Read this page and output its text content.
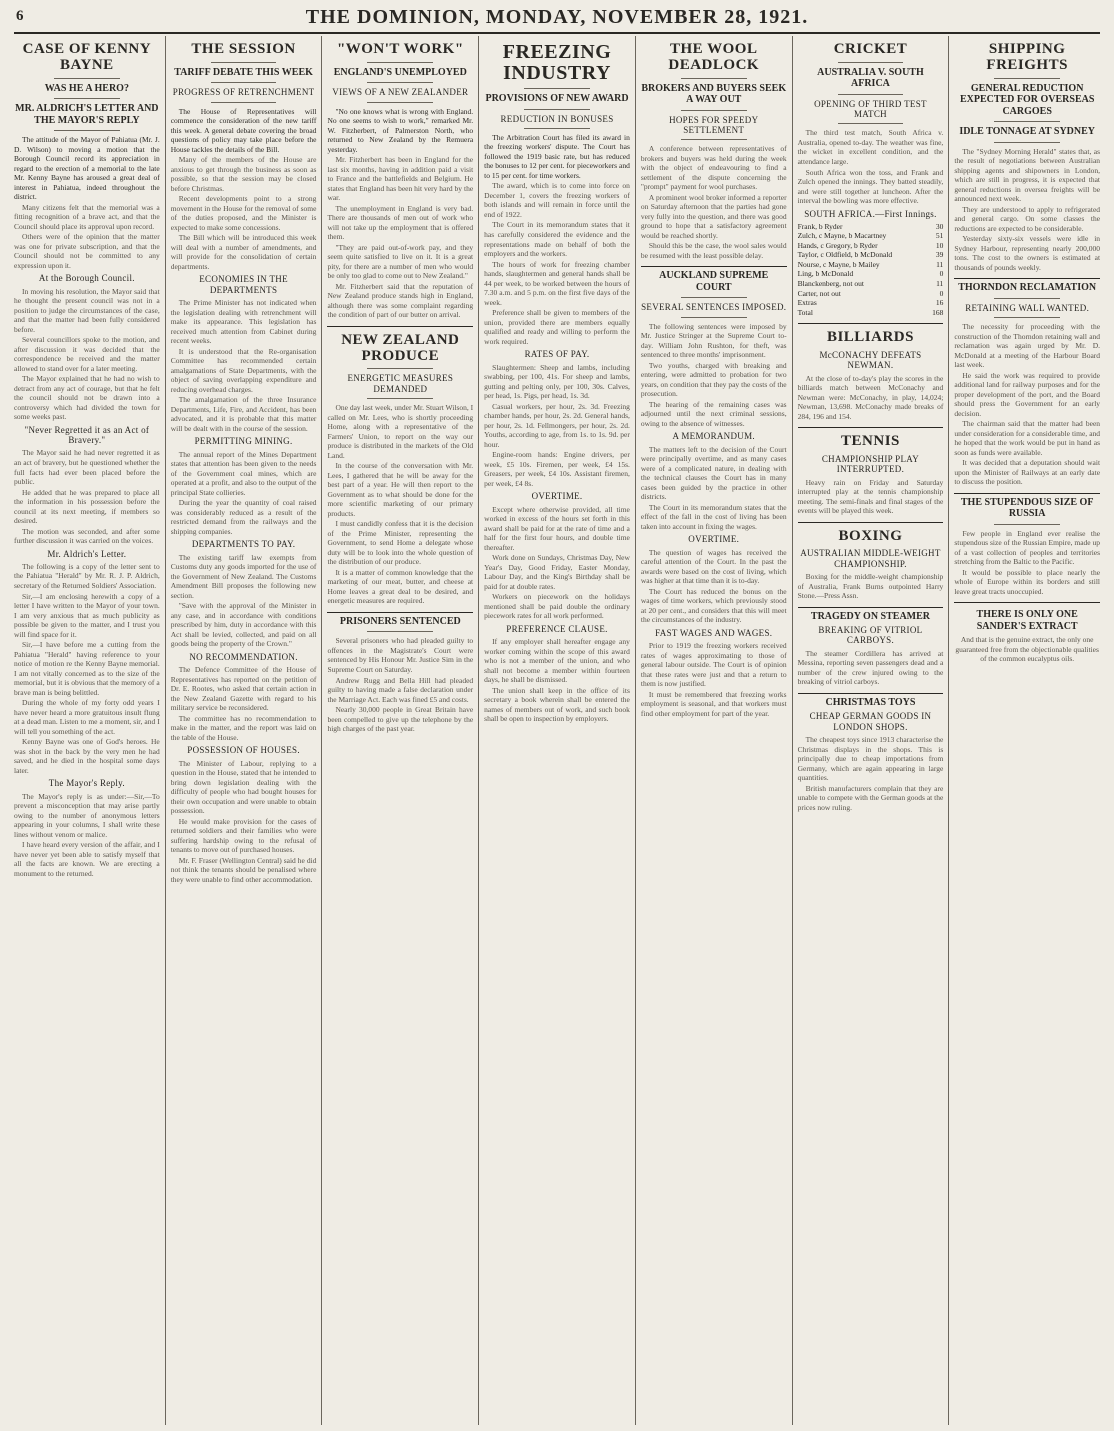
6	THE DOMINION, MONDAY, NOVEMBER 28, 1921.
CASE OF KENNY BAYNE
WAS HE A HERO?
MR. ALDRICH'S LETTER AND THE MAYOR'S REPLY

The attitude of the Mayor of Pahiatua (Mr. J. D. Wilson) to moving a motion that the Borough Council record its appreciation in regard to the erection of a memorial to the late Mr. Kenny Bayne has aroused a great deal of interest in Pahiatua, indeed throughout the district.

Many citizens felt that the memorial was a fitting recognition of a brave act, and that the Council should place its approval upon record.

Others were of the opinion that the matter was one for private subscription, and that the Council should not be committed to any expression upon it.

At the Borough Council.

In moving his resolution, the Mayor said that he thought the present council was not in a position to judge the circumstances of the case, and that the matter had been fully considered before.

Several councillors spoke to the motion, and after discussion it was decided that the correspondence be received and the matter allowed to stand over for a later meeting.

The Mayor explained that he had no wish to detract from any act of courage, but that he felt the council should not be drawn into a controversy which had divided the town for some weeks past.

"Never Regretted it as an Act of Bravery."

The Mayor said he had never regretted it as an act of bravery, but he questioned whether the full facts had ever been placed before the public.

He added that he was prepared to place all the information in his possession before the council at its next meeting, if members so desired.

The motion was seconded, and after some further discussion it was carried on the voices.

Mr. Aldrich's Letter.

The following is a copy of the letter sent to the Pahiatua "Herald" by Mr. R. J. P. Aldrich, secretary of the Returned Soldiers' Association.

Sir,—I am enclosing herewith a copy of a letter I have written to the Mayor of your town. I am very anxious that as much publicity as possible be given to the matter, and I trust you will find space for it.

Sir,—I have before me a cutting from the Pahiatua "Herald" having reference to your notice of motion re the Kenny Bayne memorial. I am not vitally concerned as to the size of the memorial, but it is obvious that the memory of a brave man is being belittled.

During the whole of my forty odd years I have never heard a more gratuitous insult flung at a dead man. Listen to me a moment, sir, and I will tell you something of the act.

Kenny Bayne was one of God's heroes. He was shot in the back by the very men he had saved, and he died in the hospital some days later.

The Mayor's Reply.

The Mayor's reply is as under:—Sir,—To prevent a misconception that may arise partly owing to the number of anonymous letters appearing in your columns, I shall write these lines without venom or malice.

I have heard every version of the affair, and I have never yet been able to satisfy myself that all the facts are known. We are erecting a monument to the returned.

THE SESSION
TARIFF DEBATE THIS WEEK
PROGRESS OF RETRENCHMENT

The House of Representatives will commence the consideration of the new tariff this week. A general debate covering the broad questions of policy may take place before the House tackles the details of the Bill.

Many of the members of the House are anxious to get through the business as soon as possible, so that the session may be closed before Christmas.

Recent developments point to a strong movement in the House for the removal of some of the duties proposed, and the Minister is expected to make some concessions.

The Bill which will be introduced this week will deal with a number of amendments, and will provide for the consolidation of certain departments.

ECONOMIES IN THE DEPARTMENTS

The Prime Minister has not indicated when the legislation dealing with retrenchment will make its appearance. This legislation has received much attention from Cabinet during recent weeks.

It is understood that the Re-organisation Committee has recommended certain amalgamations of State Departments, with the object of saving overlapping expenditure and reducing overhead charges.

The amalgamation of the three Insurance Departments, Life, Fire, and Accident, has been advocated, and it is probable that this matter will be dealt with in the course of the session.

PERMITTING MINING.

The annual report of the Mines Department states that attention has been given to the needs of the Government coal mines, which are operated at a profit, and also to the output of the principal State collieries.

During the year the quantity of coal raised was considerably reduced as a result of the restricted demand from the railways and the shipping companies.

DEPARTMENTS TO PAY.

The existing tariff law exempts from Customs duty any goods imported for the use of the Government of New Zealand. The Customs Amendment Bill proposes the following new section.

"Save with the approval of the Minister in any case, and in accordance with conditions prescribed by him, duty in accordance with this Act shall be levied, collected, and paid on all goods being the property of the Crown."

NO RECOMMENDATION.

The Defence Committee of the House of Representatives has reported on the petition of Dr. E. Rootes, who asked that certain action in the New Zealand Gazette with regard to his military service be reconsidered.

The committee has no recommendation to make in the matter, and the report was laid on the table of the House.

POSSESSION OF HOUSES.

The Minister of Labour, replying to a question in the House, stated that he intended to bring down legislation dealing with the difficulty of people who had bought houses for their own occupation and were unable to obtain possession.

He would make provision for the cases of returned soldiers and their families who were suffering hardship owing to the refusal of tenants to move out of purchased houses.

Mr. F. Fraser (Wellington Central) said he did not think the tenants should be penalised where they were unable to find other accommodation.

"WON'T WORK"
ENGLAND'S UNEMPLOYED
VIEWS OF A NEW ZEALANDER

"No one knows what is wrong with England. No one seems to wish to work," remarked Mr. W. Fitzherbert, of Palmerston North, who returned to New Zealand by the Remuera yesterday.

Mr. Fitzherbert has been in England for the last six months, having in addition paid a visit to France and the battlefields and Belgium. He states that England has been hit very hard by the war.

The unemployment in England is very bad. There are thousands of men out of work who will not take up the employment that is offered them.

"They are paid out-of-work pay, and they seem quite satisfied to live on it. It is a great pity, for there are a number of men who would be only too glad to come out to New Zealand."

Mr. Fitzherbert said that the reputation of New Zealand produce stands high in England, although there was some complaint regarding the condition of part of our butter on arrival.

NEW ZEALAND PRODUCE
ENERGETIC MEASURES DEMANDED

One day last week, under Mr. Stuart Wilson, I called on Mr. Lees, who is shortly proceeding Home, along with a representative of the Farmers' Union, to report on the way our produce is distributed in the markets of the Old Land.

In the course of the conversation with Mr. Lees, I gathered that he will be away for the best part of a year. He will then report to the Government as to what should be done for the more scientific marketing of our primary products.

I must candidly confess that it is the decision of the Prime Minister, representing the Government, to send Home a delegate whose duty will be to look into the whole question of the distribution of our produce.

It is a matter of common knowledge that the marketing of our meat, butter, and cheese at Home leaves a great deal to be desired, and energetic measures are required.

PRISONERS SENTENCED

Several prisoners who had pleaded guilty to offences in the Magistrate's Court were sentenced by His Honour Mr. Justice Sim in the Supreme Court on Saturday.

Andrew Rugg and Bella Hill had pleaded guilty to having made a false declaration under the Marriage Act. Each was fined £5 and costs.

Nearly 30,000 people in Great Britain have been compelled to give up the telephone by the high charges of the past year.

FREEZING INDUSTRY
PROVISIONS OF NEW AWARD
REDUCTION IN BONUSES

The Arbitration Court has filed its award in the freezing workers' dispute. The Court has followed the 1919 basic rate, but has reduced the bonuses to 12 per cent. for pieceworkers and to 15 per cent. for time workers.

The award, which is to come into force on December 1, covers the freezing workers of both islands and will remain in force until the end of 1922.

The Court in its memorandum states that it has carefully considered the evidence and the representations made on behalf of both the employers and the workers.

The hours of work for freezing chamber hands, slaughtermen and general hands shall be 44 per week, to be worked between the hours of 7.30 a.m. and 5 p.m. on the first five days of the week.

Preference shall be given to members of the union, provided there are members equally qualified and ready and willing to perform the work required.

RATES OF PAY.

Slaughtermen: Sheep and lambs, including swabbing, per 100, 41s. For sheep and lambs, gutting and pelting only, per 100, 30s. Calves, per head, 1s. Pigs, per head, 1s. 3d.

Casual workers, per hour, 2s. 3d. Freezing chamber hands, per hour, 2s. 2d. General hands, per hour, 2s. 1d. Fellmongers, per hour, 2s. 2d. Youths, according to age, from 1s. to 1s. 9d. per hour.

Engine-room hands: Engine drivers, per week, £5 10s. Firemen, per week, £4 15s. Greasers, per week, £4 10s. Assistant firemen, per week, £4 8s.

OVERTIME.

Except where otherwise provided, all time worked in excess of the hours set forth in this award shall be paid for at the rate of time and a half for the first four hours, and double time thereafter.

Work done on Sundays, Christmas Day, New Year's Day, Good Friday, Easter Monday, Labour Day, and the King's Birthday shall be paid for at double rates.

Workers on piecework on the holidays mentioned shall be paid double the ordinary piecework rates for all work performed.

PREFERENCE CLAUSE.

If any employer shall hereafter engage any worker coming within the scope of this award who is not a member of the union, and who shall not become a member within fourteen days, he shall be dismissed.

The union shall keep in the office of its secretary a book wherein shall be entered the names of members out of work, and such book shall be open to inspection by employers.

THE WOOL DEADLOCK
BROKERS AND BUYERS SEEK A WAY OUT
HOPES FOR SPEEDY SETTLEMENT

A conference between representatives of brokers and buyers was held during the week with the object of endeavouring to find a settlement of the dispute concerning the "prompt" payment for wool purchases.

A prominent wool broker informed a reporter on Saturday afternoon that the parties had gone very fully into the question, and there was good ground to hope that a satisfactory agreement would be reached shortly.

Should this be the case, the wool sales would be resumed with the least possible delay.

AUCKLAND SUPREME COURT
SEVERAL SENTENCES IMPOSED.

The following sentences were imposed by Mr. Justice Stringer at the Supreme Court to-day. William John Rushton, for theft, was sentenced to three months' imprisonment.

Two youths, charged with breaking and entering, were admitted to probation for two years, on condition that they pay the costs of the prosecution.

The hearing of the remaining cases was adjourned until the next criminal sessions, owing to the absence of witnesses.

A MEMORANDUM.

The matters left to the decision of the Court were principally overtime, and as many cases were of a complicated nature, in dealing with the technical clauses the Court has in many cases been guided by the practice in other districts.

The Court in its memorandum states that the effect of the fall in the cost of living has been taken into account in fixing the wages.

OVERTIME.

The question of wages has received the careful attention of the Court. In the past the awards were based on the cost of living, which was higher at that time than it is to-day.

The Court has reduced the bonus on the wages of time workers, which previously stood at 20 per cent., and considers that this will meet the circumstances of the industry.

FAST WAGES AND WAGES.

Prior to 1919 the freezing workers received rates of wages approximating to those of general labour outside. The Court is of opinion that these rates were just and that a return to them is now justified.

It must be remembered that freezing works employment is seasonal, and that workers must find other employment for part of the year.

CRICKET
AUSTRALIA V. SOUTH AFRICA
OPENING OF THIRD TEST MATCH

The third test match, South Africa v. Australia, opened to-day. The weather was fine, the wicket in excellent condition, and the attendance large.

South Africa won the toss, and Frank and Zulch opened the innings. They batted steadily, and were still together at luncheon. After the interval the bowling was more effective.

SOUTH AFRICA.—First Innings.
Frank, b Ryder	30
Zulch, c Mayne, b Macartney	51
Hands, c Gregory, b Ryder	10
Taylor, c Oldfield, b McDonald	39
Nourse, c Mayne, b Mailey	11
Ling, b McDonald	0
Blanckenberg, not out	11
Carter, not out	0
Extras	16
Total	168
BILLIARDS
McCONACHY DEFEATS NEWMAN.

At the close of to-day's play the scores in the billiards match between McConachy and Newman were: McConachy, in play, 14,024; Newman, 13,698. McConachy made breaks of 284, 196 and 154.

TENNIS
CHAMPIONSHIP PLAY INTERRUPTED.

Heavy rain on Friday and Saturday interrupted play at the tennis championship meeting. The semi-finals and final stages of the events will be played this week.

BOXING
AUSTRALIAN MIDDLE-WEIGHT CHAMPIONSHIP.

Boxing for the middle-weight championship of Australia, Frank Burns outpointed Harry Stone.—Press Assn.

TRAGEDY ON STEAMER
BREAKING OF VITRIOL CARBOYS.

The steamer Cordillera has arrived at Messina, reporting seven passengers dead and a number of the crew injured owing to the breaking of vitriol carboys.

CHRISTMAS TOYS
CHEAP GERMAN GOODS IN LONDON SHOPS.

The cheapest toys since 1913 characterise the Christmas displays in the shops. This is principally due to cheap importations from Germany, which are again appearing in large quantities.

British manufacturers complain that they are unable to compete with the German goods at the prices now ruling.

SHIPPING FREIGHTS
GENERAL REDUCTION EXPECTED FOR OVERSEAS CARGOES
IDLE TONNAGE AT SYDNEY

The "Sydney Morning Herald" states that, as the result of negotiations between Australian shipping agents and shipowners in London, which are still in progress, it is expected that general reductions in oversea freights will be announced next week.

They are understood to apply to refrigerated and general cargo. On some classes the reductions are expected to be considerable.

Yesterday sixty-six vessels were idle in Sydney Harbour, representing nearly 200,000 tons. The cost to the owners is estimated at thousands of pounds weekly.

THORNDON RECLAMATION
RETAINING WALL WANTED.

The necessity for proceeding with the construction of the Thorndon retaining wall and reclamation was again urged by Mr. D. McDonald at a meeting of the Harbour Board last week.

He said the work was required to provide additional land for railway purposes and for the proper development of the port, and the Board should press the Government for an early decision.

The chairman said that the matter had been under consideration for a considerable time, and he hoped that the work would be put in hand as soon as funds were available.

It was decided that a deputation should wait upon the Minister of Railways at an early date to discuss the position.

THE STUPENDOUS SIZE OF RUSSIA

Few people in England ever realise the stupendous size of the Russian Empire, made up of a vast collection of peoples and territories stretching from the Baltic to the Pacific.

It would be possible to place nearly the whole of Europe within its borders and still leave great tracts unoccupied.

THERE IS ONLY ONE SANDER'S EXTRACT

And that is the genuine extract, the only one guaranteed free from the objectionable qualities of the common eucalyptus oils.
